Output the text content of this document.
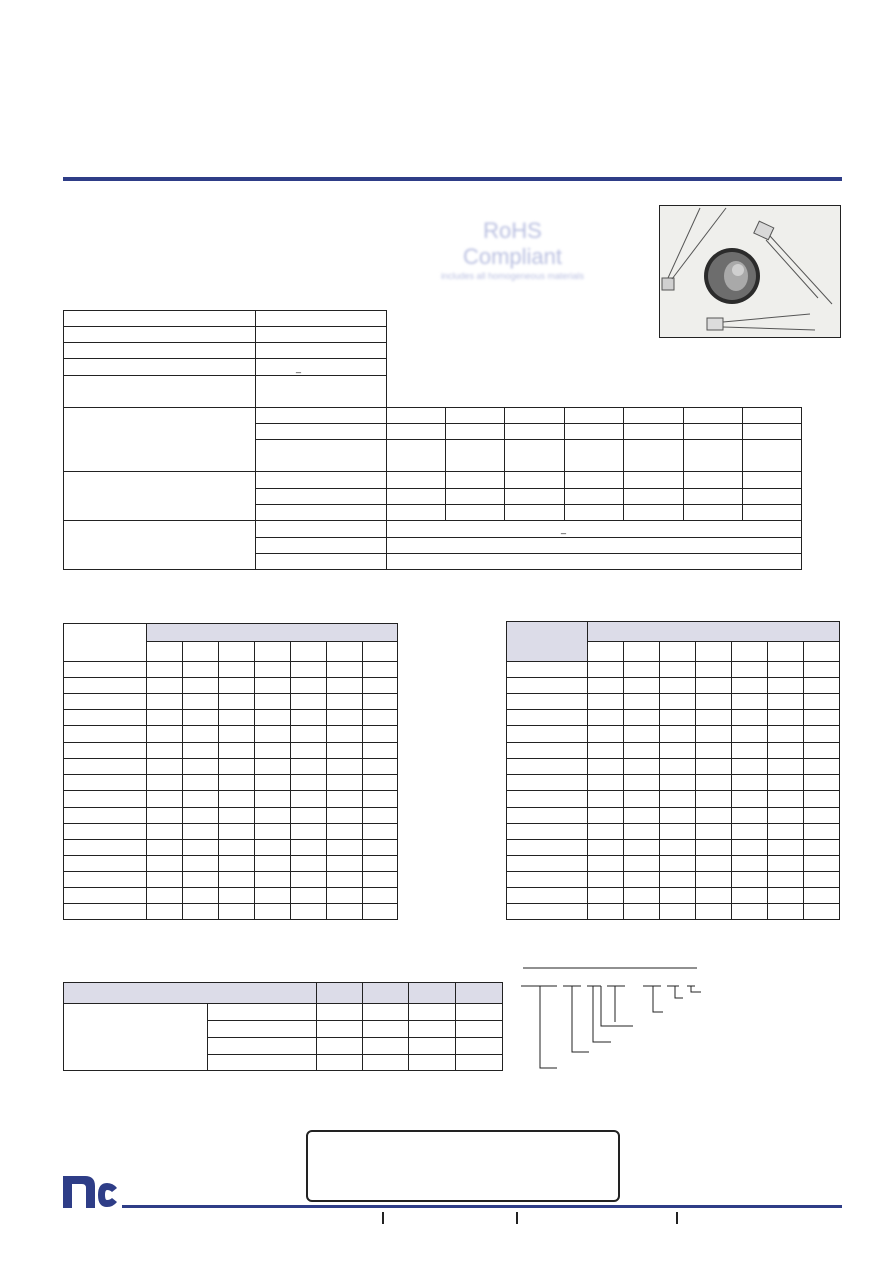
RoHS
Compliant
includes all homogeneous materials
_
_
